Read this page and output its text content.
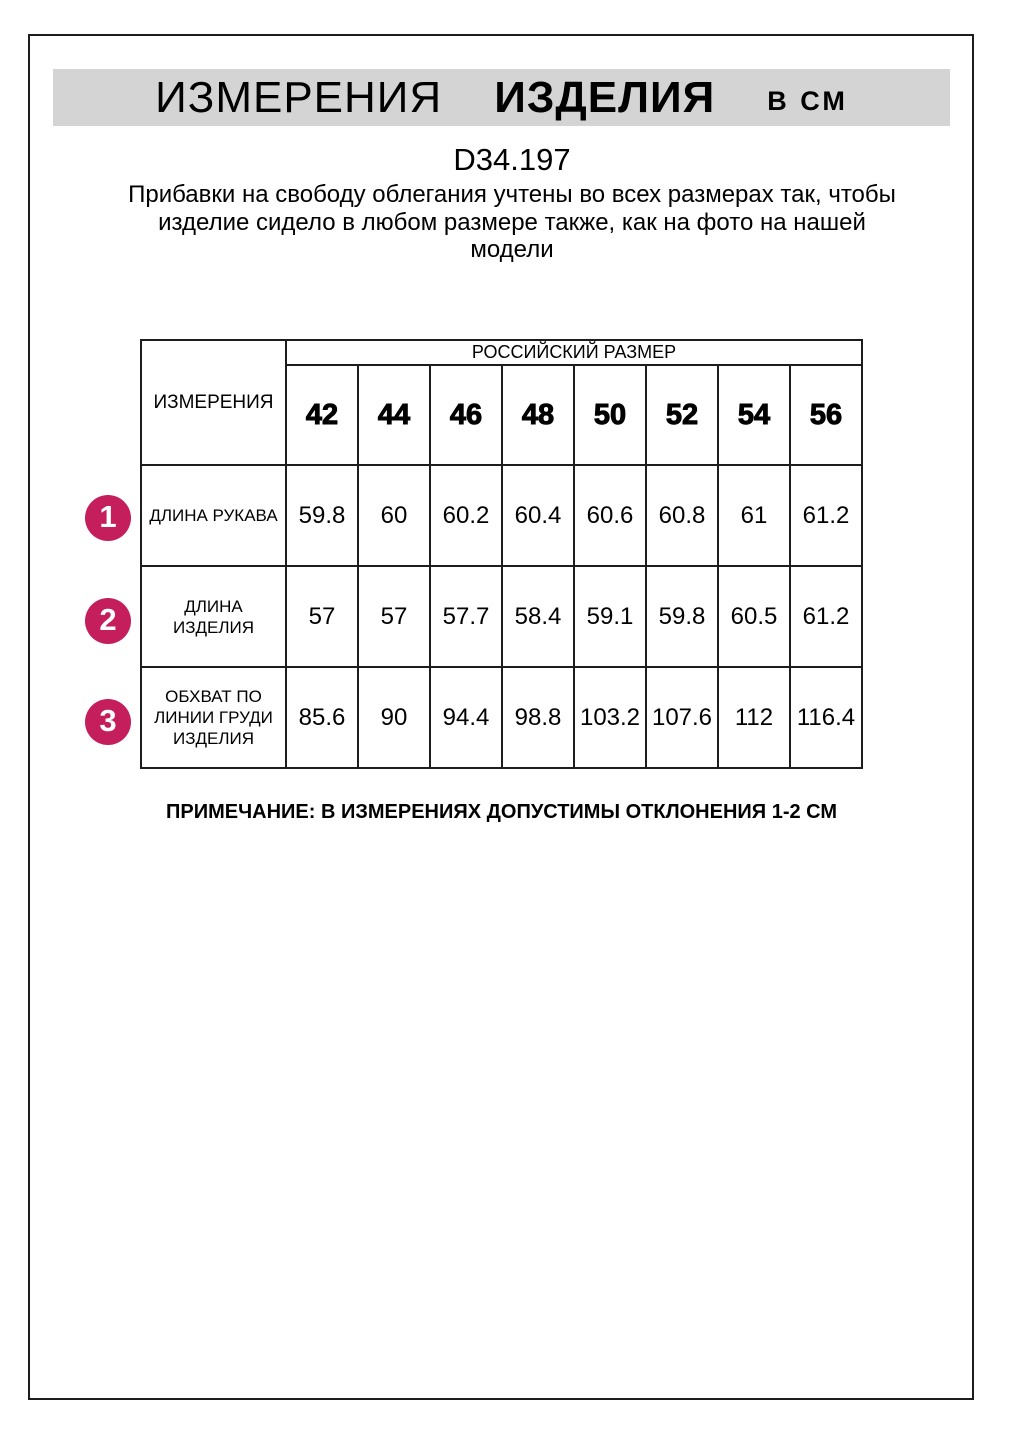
ИЗМЕРЕНИЯ ИЗДЕЛИЯ В СМ
D34.197
Прибавки на свободу облегания учтены во всех размерах так, чтобы
изделие сидело в любом размере также, как на фото на нашей
модели
ИЗМЕРЕНИЯ	РОССИЙСКИЙ РАЗМЕР							
	42	44	46	48	50	52	54	56
ДЛИНА РУКАВА	59.8	60	60.2	60.4	60.6	60.8	61	61.2
ДЛИНА
ИЗДЕЛИЯ	57	57	57.7	58.4	59.1	59.8	60.5	61.2
ОБХВАТ ПО
ЛИНИИ ГРУДИ
ИЗДЕЛИЯ	85.6	90	94.4	98.8	103.2	107.6	112	116.4
1
2
3
ПРИМЕЧАНИЕ: В ИЗМЕРЕНИЯХ ДОПУСТИМЫ ОТКЛОНЕНИЯ 1-2 СМ
